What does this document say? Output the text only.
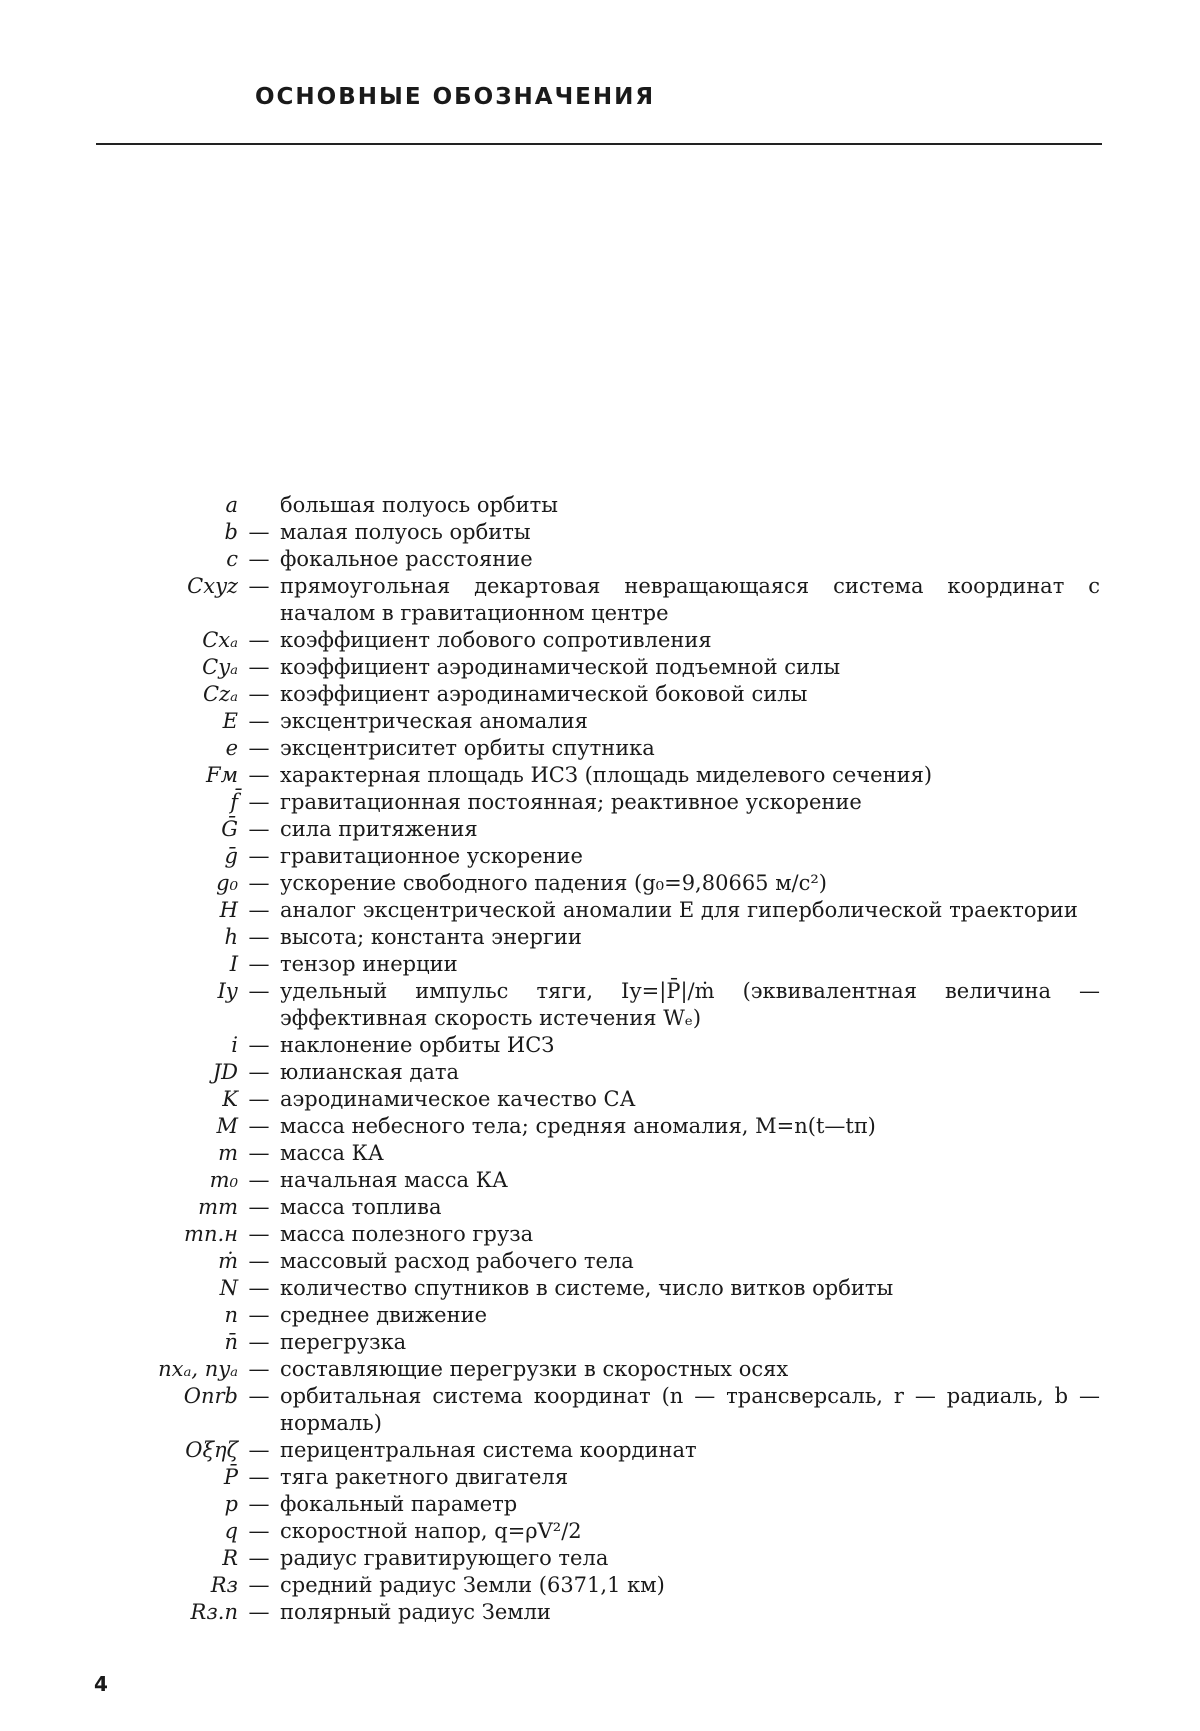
ОСНОВНЫЕ ОБОЗНАЧЕНИЯ
a большая полуось орбиты
b — малая полуось орбиты
c — фокальное расстояние
Cxyz — прямоугольная декартовая невращающаяся система координат с началом в гравитационном центре
Cxₐ — коэффициент лобового сопротивления
Cyₐ — коэффициент аэродинамической подъемной силы
Czₐ — коэффициент аэродинамической боковой силы
E — эксцентрическая аномалия
e — эксцентриситет орбиты спутника
Fм — характерная площадь ИСЗ (площадь миделевого сечения)
f̄ — гравитационная постоянная; реактивное ускорение
Ḡ — сила притяжения
ḡ — гравитационное ускорение
g₀ — ускорение свободного падения (g₀=9,80665 м/с²)
H — аналог эксцентрической аномалии E для гиперболической траектории
h — высота; константа энергии
I — тензор инерции
Iу — удельный импульс тяги, Iу=|P̄|/ṁ (эквивалентная величина — эффективная скорость истечения Wₑ)
i — наклонение орбиты ИСЗ
JD — юлианская дата
K — аэродинамическое качество СА
M — масса небесного тела; средняя аномалия, M=n(t—tπ)
m — масса КА
m₀ — начальная масса КА
mт — масса топлива
mп.н — масса полезного груза
ṁ — массовый расход рабочего тела
N — количество спутников в системе, число витков орбиты
n — среднее движение
n̄ — перегрузка
nxₐ, nyₐ — составляющие перегрузки в скоростных осях
Onrb — орбитальная система координат (n — трансверсаль, r — радиаль, b — нормаль)
Oξηζ — перицентральная система координат
P̄ — тяга ракетного двигателя
p — фокальный параметр
q — скоростной напор, q=ρV²/2
R — радиус гравитирующего тела
Rз — средний радиус Земли (6371,1 км)
Rз.п — полярный радиус Земли
4
